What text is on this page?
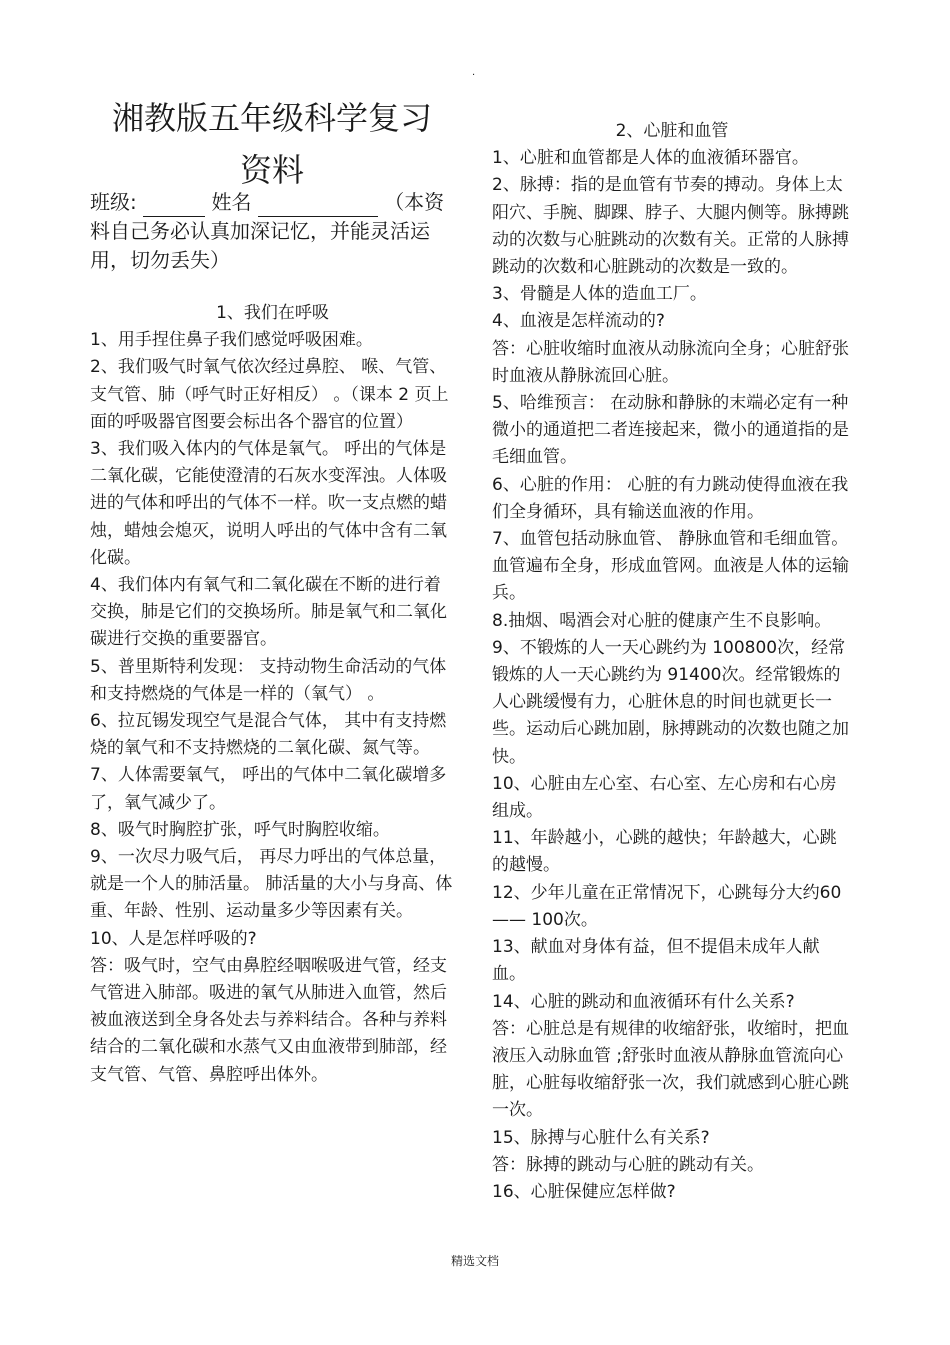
·
湘教版五年级科学复习
资料
班级:	姓名	（本资料自己务必认真加深记忆，并能灵活运用，切勿丢失）

1、我们在呼吸

1、用手捏住鼻子我们感觉呼吸困难。

2、我们吸气时氧气依次经过鼻腔、 喉、气管、支气管、肺（呼气时正好相反） 。（课本 2 页上面的呼吸器官图要会标出各个器官的位置）

3、我们吸入体内的气体是氧气。 呼出的气体是二氧化碳，它能使澄清的石灰水变浑浊。人体吸进的气体和呼出的气体不一样。吹一支点燃的蜡烛，蜡烛会熄灭，说明人呼出的气体中含有二氧化碳。

4、我们体内有氧气和二氧化碳在不断的进行着交换，肺是它们的交换场所。肺是氧气和二氧化碳进行交换的重要器官。

5、普里斯特利发现： 支持动物生命活动的气体和支持燃烧的气体是一样的（氧气） 。

6、拉瓦锡发现空气是混合气体， 其中有支持燃烧的氧气和不支持燃烧的二氧化碳、氮气等。

7、人体需要氧气， 呼出的气体中二氧化碳增多了，氧气减少了。

8、吸气时胸腔扩张，呼气时胸腔收缩。

9、一次尽力吸气后， 再尽力呼出的气体总量，就是一个人的肺活量。 肺活量的大小与身高、体重、年龄、性别、运动量多少等因素有关。

10、人是怎样呼吸的?

答：吸气时，空气由鼻腔经咽喉吸进气管，经支气管进入肺部。吸进的氧气从肺进入血管，然后被血液送到全身各处去与养料结合。各种与养料结合的二氧化碳和水蒸气又由血液带到肺部，经支气管、气管、鼻腔呼出体外。

2、心脏和血管

1、心脏和血管都是人体的血液循环器官。

2、脉搏：指的是血管有节奏的搏动。身体上太阳穴、手腕、脚踝、脖子、大腿内侧等。脉搏跳动的次数与心脏跳动的次数有关。正常的人脉搏跳动的次数和心脏跳动的次数是一致的。

3、骨髓是人体的造血工厂。

4、血液是怎样流动的?

答：心脏收缩时血液从动脉流向全身；心脏舒张时血液从静脉流回心脏。

5、哈维预言： 在动脉和静脉的末端必定有一种微小的通道把二者连接起来，微小的通道指的是毛细血管。

6、心脏的作用： 心脏的有力跳动使得血液在我们全身循环，具有输送血液的作用。

7、血管包括动脉血管、 静脉血管和毛细血管。血管遍布全身，形成血管网。血液是人体的运输兵。

8.抽烟、喝酒会对心脏的健康产生不良影响。

9、不锻炼的人一天心跳约为 100800次，经常锻炼的人一天心跳约为 91400次。经常锻炼的人心跳缓慢有力，心脏休息的时间也就更长一些。运动后心跳加剧，脉搏跳动的次数也随之加快。

10、心脏由左心室、右心室、左心房和右心房组成。

11、年龄越小，心跳的越快；年龄越大，心跳的越慢。

12、少年儿童在正常情况下，心跳每分大约60—— 100次。

13、献血对身体有益，但不提倡未成年人献血。

14、心脏的跳动和血液循环有什么关系?

答：心脏总是有规律的收缩舒张，收缩时，把血液压入动脉血管 ;舒张时血液从静脉血管流向心脏，心脏每收缩舒张一次，我们就感到心脏心跳一次。

15、脉搏与心脏什么有关系?

答：脉搏的跳动与心脏的跳动有关。

16、心脏保健应怎样做?

精选文档
